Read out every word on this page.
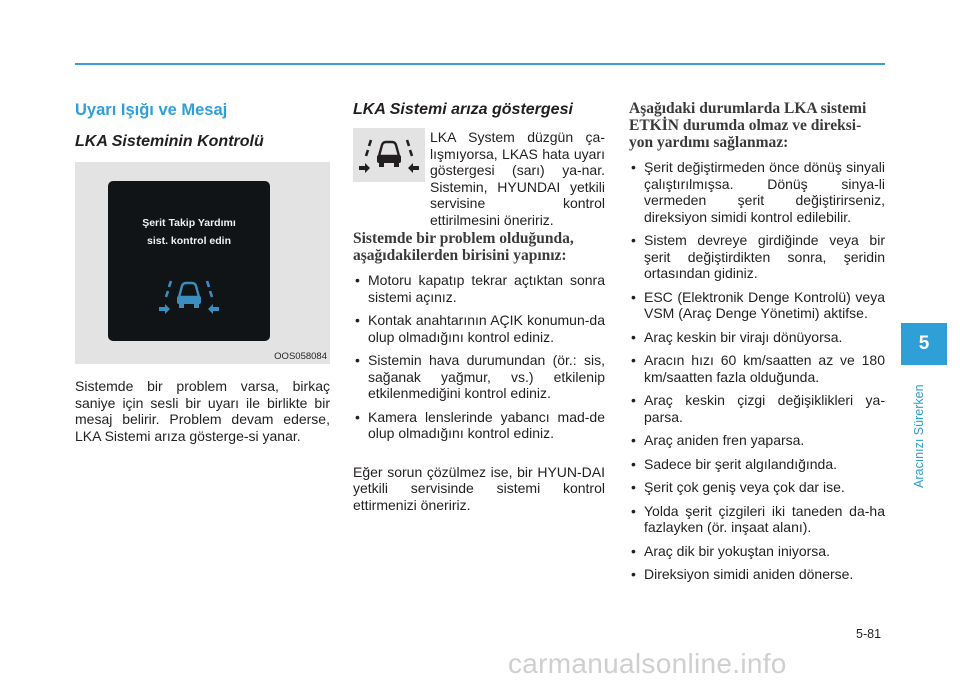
Uyarı Işığı ve Mesaj
LKA Sisteminin Kontrolü
Şerit Takip Yardımı
sist. kontrol edin
OOS058084

Sistemde bir problem varsa, birkaç saniye için sesli bir uyarı ile birlikte bir mesaj belirir. Problem devam ederse, LKA Sistemi arıza gösterge-si yanar.

LKA Sistemi arıza göstergesi

LKA System düzgün ça-lışmıyorsa, LKAS hata uyarı göstergesi (sarı) ya-nar. Sistemin, HYUNDAI yetkili servisine kontrol ettirilmesini öneririz.

Sistemde bir problem olduğunda, aşağıdakilerden birisini yapınız:
• Motoru kapatıp tekrar açtıktan sonra sistemi açınız.
• Kontak anahtarının AÇIK konumun-da olup olmadığını kontrol ediniz.
• Sistemin hava durumundan (ör.: sis, sağanak yağmur, vs.) etkilenip etkilenmediğini kontrol ediniz.
• Kamera lenslerinde yabancı mad-de olup olmadığını kontrol ediniz.

Eğer sorun çözülmez ise, bir HYUN-DAI yetkili servisinde sistemi kontrol ettirmenizi öneririz.

Aşağıdaki durumlarda LKA sistemi ETKİN durumda olmaz ve direksi-yon yardımı sağlanmaz:
• Şerit değiştirmeden önce dönüş sinyali çalıştırılmışsa. Dönüş sinya-li vermeden şerit değiştirirseniz, direksiyon simidi kontrol edilebilir.
• Sistem devreye girdiğinde veya bir şerit değiştirdikten sonra, şeridin ortasından gidiniz.
• ESC (Elektronik Denge Kontrolü) veya VSM (Araç Denge Yönetimi) aktifse.
• Araç keskin bir virajı dönüyorsa.
• Aracın hızı 60 km/saatten az ve 180 km/saatten fazla olduğunda.
• Araç keskin çizgi değişiklikleri ya-parsa.
• Araç aniden fren yaparsa.
• Sadece bir şerit algılandığında.
• Şerit çok geniş veya çok dar ise.
• Yolda şerit çizgileri iki taneden da-ha fazlayken (ör. inşaat alanı).
• Araç dik bir yokuştan iniyorsa.
• Direksiyon simidi aniden dönerse.
5
Aracınızı Sürerken
5-81
carmanualsonline.info
